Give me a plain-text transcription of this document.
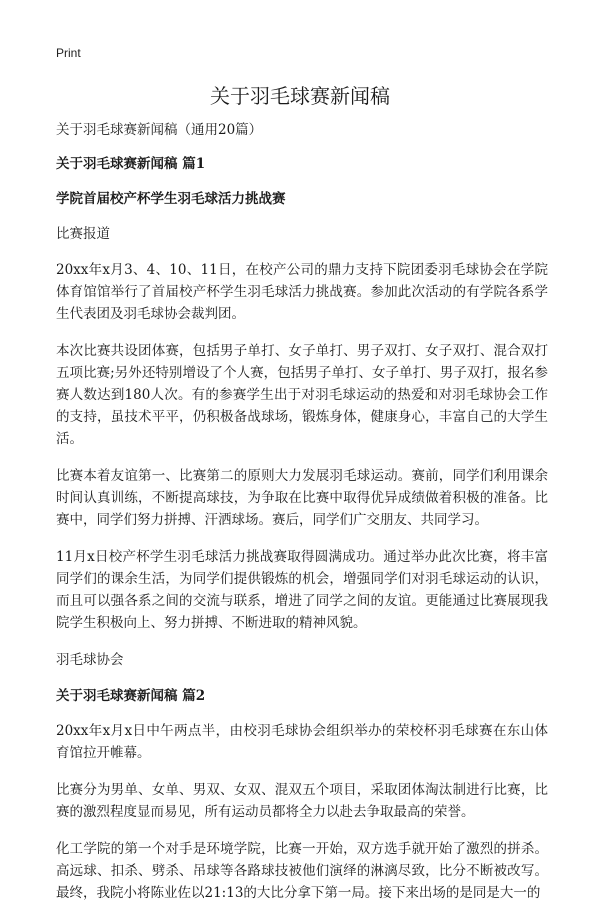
Print
关于羽毛球赛新闻稿

关于羽毛球赛新闻稿（通用20篇）

关于羽毛球赛新闻稿 篇1

学院首届校产杯学生羽毛球活力挑战赛

比赛报道

20xx年x月3、4、10、11日，在校产公司的鼎力支持下院团委羽毛球协会在学院体育馆馆举行了首届校产杯学生羽毛球活力挑战赛。参加此次活动的有学院各系学生代表团及羽毛球协会裁判团。

本次比赛共设团体赛，包括男子单打、女子单打、男子双打、女子双打、混合双打五项比赛;另外还特别增设了个人赛，包括男子单打、女子单打、男子双打，报名参赛人数达到180人次。有的参赛学生出于对羽毛球运动的热爱和对羽毛球协会工作的支持，虽技术平平，仍积极备战球场，锻炼身体，健康身心，丰富自己的大学生活。

比赛本着友谊第一、比赛第二的原则大力发展羽毛球运动。赛前，同学们利用课余时间认真训练，不断提高球技，为争取在比赛中取得优异成绩做着积极的准备。比赛中，同学们努力拼搏、汗洒球场。赛后，同学们广交朋友、共同学习。

11月x日校产杯学生羽毛球活力挑战赛取得圆满成功。通过举办此次比赛，将丰富同学们的课余生活，为同学们提供锻炼的机会，增强同学们对羽毛球运动的认识，而且可以强各系之间的交流与联系，增进了同学之间的友谊。更能通过比赛展现我院学生积极向上、努力拼搏、不断进取的精神风貌。

羽毛球协会

关于羽毛球赛新闻稿 篇2

20xx年x月x日中午两点半，由校羽毛球协会组织举办的荣校杯羽毛球赛在东山体育馆拉开帷幕。

比赛分为男单、女单、男双、女双、混双五个项目，采取团体淘汰制进行比赛，比赛的激烈程度显而易见，所有运动员都将全力以赴去争取最高的荣誉。

化工学院的第一个对手是环境学院，比赛一开始，双方选手就开始了激烈的拼杀。高远球、扣杀、劈杀、吊球等各路球技被他们演绎的淋漓尽致，比分不断被改写。最终，我院小将陈业佐以21:13的大比分拿下第一局。接下来出场的是同是大一的
